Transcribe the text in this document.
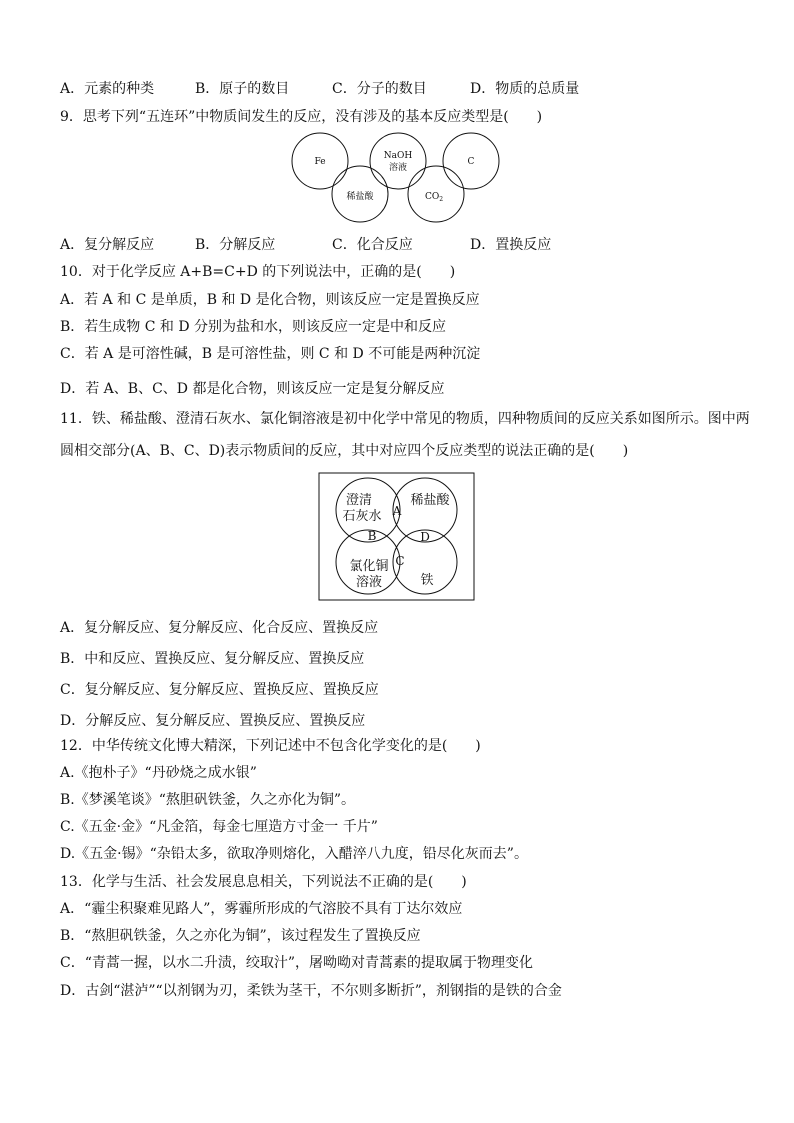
A．元素的种类	B．原子的数目	C．分子的数目	D．物质的总质量
9．思考下列“五连环”中物质间发生的反应，没有涉及的基本反应类型是(　　)
Fe
NaOH
溶液
C
稀盐酸	$CO_2$
A．复分解反应	B．分解反应	C．化合反应	D．置换反应
10．对于化学反应 A+B=C+D 的下列说法中，正确的是(　　)
A．若 A 和 C 是单质，B 和 D 是化合物，则该反应一定是置换反应
B．若生成物 C 和 D 分别为盐和水，则该反应一定是中和反应
C．若 A 是可溶性碱，B 是可溶性盐，则 C 和 D 不可能是两种沉淀
D．若 A、B、C、D 都是化合物，则该反应一定是复分解反应
11．铁、稀盐酸、澄清石灰水、氯化铜溶液是初中化学中常见的物质，四种物质间的反应关系如图所示。图中两
圆相交部分(A、B、C、D)表示物质间的反应，其中对应四个反应类型的说法正确的是(　　)
澄清
石灰水
稀盐酸
氯化铜
溶液	铁
A
B
C
D
A．复分解反应、复分解反应、化合反应、置换反应
B．中和反应、置换反应、复分解反应、置换反应
C．复分解反应、复分解反应、置换反应、置换反应
D．分解反应、复分解反应、置换反应、置换反应
12．中华传统文化博大精深，下列记述中不包含化学变化的是(　　)
A.《抱朴子》“丹砂烧之成水银”
B.《梦溪笔谈》“熬胆矾铁釜，久之亦化为铜”。
C.《五金·金》“凡金箔，每金七厘造方寸金一 千片”
D.《五金·锡》“杂铅太多，欲取净则熔化，入醋淬八九度，铅尽化灰而去”。
13．化学与生活、社会发展息息相关，下列说法不正确的是(　　)
A．“霾尘积聚难见路人”，雾霾所形成的气溶胶不具有丁达尔效应
B．“熬胆矾铁釜，久之亦化为铜”，该过程发生了置换反应
C．“青蒿一握，以水二升渍，绞取汁”，屠呦呦对青蒿素的提取属于物理变化
D．古剑“湛泸”“以剂钢为刃，柔铁为茎干，不尔则多断折”，剂钢指的是铁的合金
